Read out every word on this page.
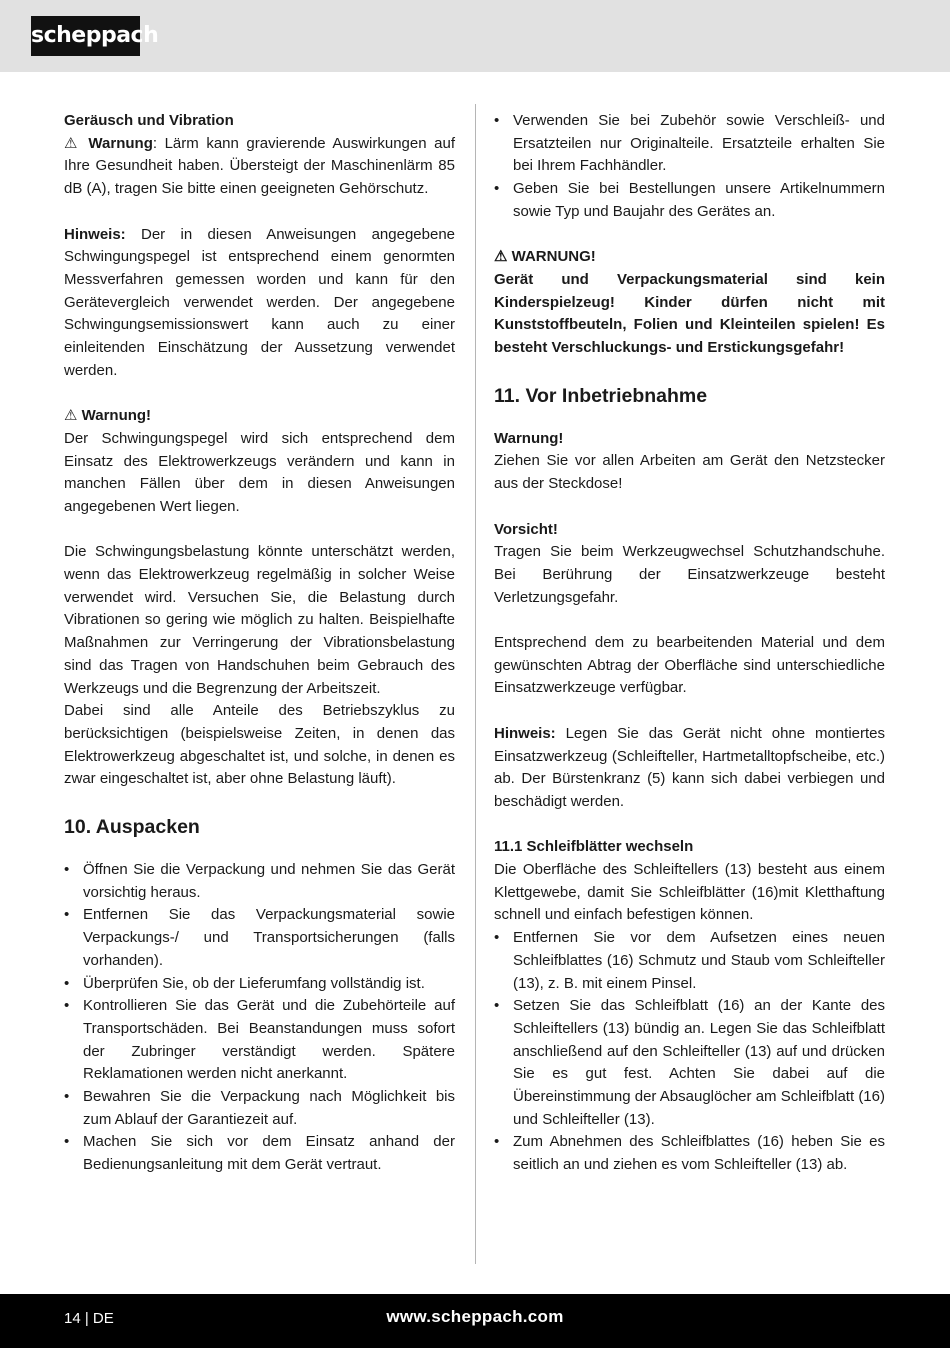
scheppach

Geräusch und Vibration

⚠ Warnung: Lärm kann gravierende Auswirkungen auf Ihre Gesundheit haben. Übersteigt der Maschinenlärm 85 dB (A), tragen Sie bitte einen geeigneten Gehörschutz.

Hinweis: Der in diesen Anweisungen angegebene Schwingungspegel ist entsprechend einem genormten Messverfahren gemessen worden und kann für den Gerätevergleich verwendet werden. Der angegebene Schwingungsemissionswert kann auch zu einer einleitenden Einschätzung der Aussetzung verwendet werden.

⚠ Warnung!

Der Schwingungspegel wird sich entsprechend dem Einsatz des Elektrowerkzeugs verändern und kann in manchen Fällen über dem in diesen Anweisungen angegebenen Wert liegen.

Die Schwingungsbelastung könnte unterschätzt werden, wenn das Elektrowerkzeug regelmäßig in solcher Weise verwendet wird. Versuchen Sie, die Belastung durch Vibrationen so gering wie möglich zu halten. Beispielhafte Maßnahmen zur Verringerung der Vibrationsbelastung sind das Tragen von Handschuhen beim Gebrauch des Werkzeugs und die Begrenzung der Arbeitszeit.

Dabei sind alle Anteile des Betriebszyklus zu berücksichtigen (beispielsweise Zeiten, in denen das Elektrowerkzeug abgeschaltet ist, und solche, in denen es zwar eingeschaltet ist, aber ohne Belastung läuft).

10. Auspacken
• Öffnen Sie die Verpackung und nehmen Sie das Gerät vorsichtig heraus.
• Entfernen Sie das Verpackungsmaterial sowie Verpackungs-/ und Transportsicherungen (falls vorhanden).
• Überprüfen Sie, ob der Lieferumfang vollständig ist.
• Kontrollieren Sie das Gerät und die Zubehörteile auf Transportschäden. Bei Beanstandungen muss sofort der Zubringer verständigt werden. Spätere Reklamationen werden nicht anerkannt.
• Bewahren Sie die Verpackung nach Möglichkeit bis zum Ablauf der Garantiezeit auf.
• Machen Sie sich vor dem Einsatz anhand der Bedienungsanleitung mit dem Gerät vertraut.
• Verwenden Sie bei Zubehör sowie Verschleiß- und Ersatzteilen nur Originalteile. Ersatzteile erhalten Sie bei Ihrem Fachhändler.
• Geben Sie bei Bestellungen unsere Artikelnummern sowie Typ und Baujahr des Gerätes an.

⚠ WARNUNG!

Gerät und Verpackungsmaterial sind kein Kinderspielzeug! Kinder dürfen nicht mit Kunststoffbeuteln, Folien und Kleinteilen spielen! Es besteht Verschluckungs- und Erstickungsgefahr!

11. Vor Inbetriebnahme

Warnung!

Ziehen Sie vor allen Arbeiten am Gerät den Netzstecker aus der Steckdose!

Vorsicht!

Tragen Sie beim Werkzeugwechsel Schutzhandschuhe. Bei Berührung der Einsatzwerkzeuge besteht Verletzungsgefahr.

Entsprechend dem zu bearbeitenden Material und dem gewünschten Abtrag der Oberfläche sind unterschiedliche Einsatzwerkzeuge verfügbar.

Hinweis: Legen Sie das Gerät nicht ohne montiertes Einsatzwerkzeug (Schleifteller, Hartmetalltopfscheibe, etc.) ab. Der Bürstenkranz (5) kann sich dabei verbiegen und beschädigt werden.

11.1 Schleifblätter wechseln

Die Oberfläche des Schleiftellers (13) besteht aus einem Klettgewebe, damit Sie Schleifblätter (16)mit Kletthaftung schnell und einfach befestigen können.

• Entfernen Sie vor dem Aufsetzen eines neuen Schleifblattes (16) Schmutz und Staub vom Schleifteller (13), z. B. mit einem Pinsel.
• Setzen Sie das Schleifblatt (16) an der Kante des Schleiftellers (13) bündig an. Legen Sie das Schleifblatt anschließend auf den Schleifteller (13) auf und drücken Sie es gut fest. Achten Sie dabei auf die Übereinstimmung der Absauglöcher am Schleifblatt (16) und Schleifteller (13).
• Zum Abnehmen des Schleifblattes (16) heben Sie es seitlich an und ziehen es vom Schleifteller (13) ab.
14 | DE	www.scheppach.com
